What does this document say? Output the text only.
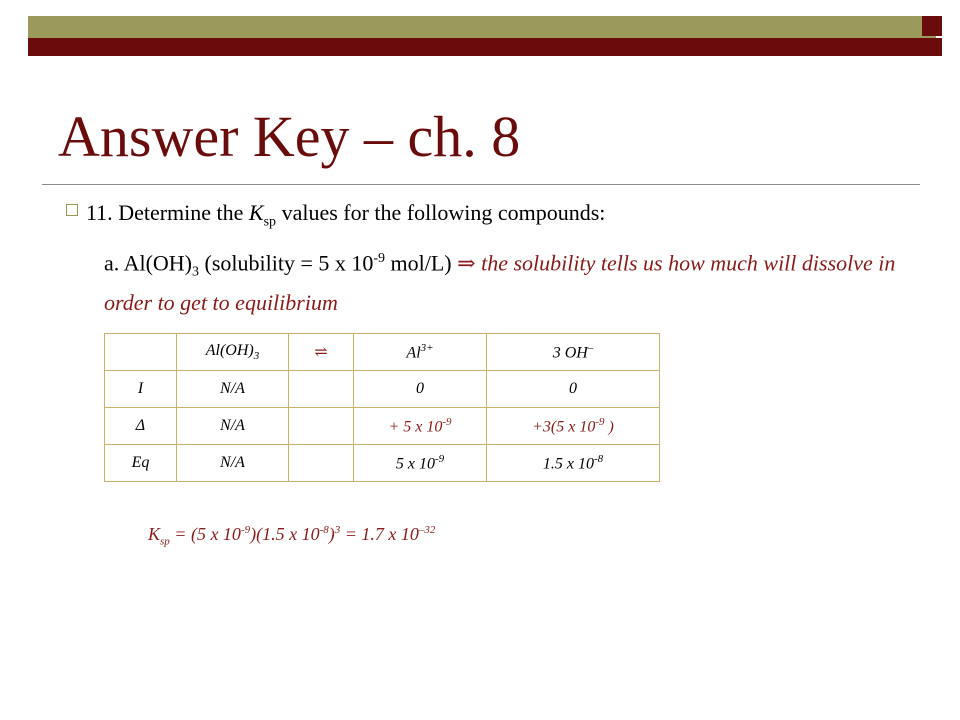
Answer Key – ch. 8
11. Determine the $K_{sp}$ values for the following compounds:
a. $Al(OH)_3$ (solubility = 5 x $10^{-9}$ mol/L) ⇒ the solubility tells us how much will dissolve in order to get to equilibrium
	$Al(OH)_3$	⇌	$Al^{3+}$	3 OH–
I	N/A		0	0
Δ	N/A		+ 5 x $10^{-9}$	+3(5 x $10^{-9}$ )
Eq	N/A		5 x $10^{-9}$	1.5 x $10^{-8}$
$K_{sp} = (5$ x $10^{-9})(1.5$ x $10^{-8})^3 = 1.7$ x $10^{-32}$
